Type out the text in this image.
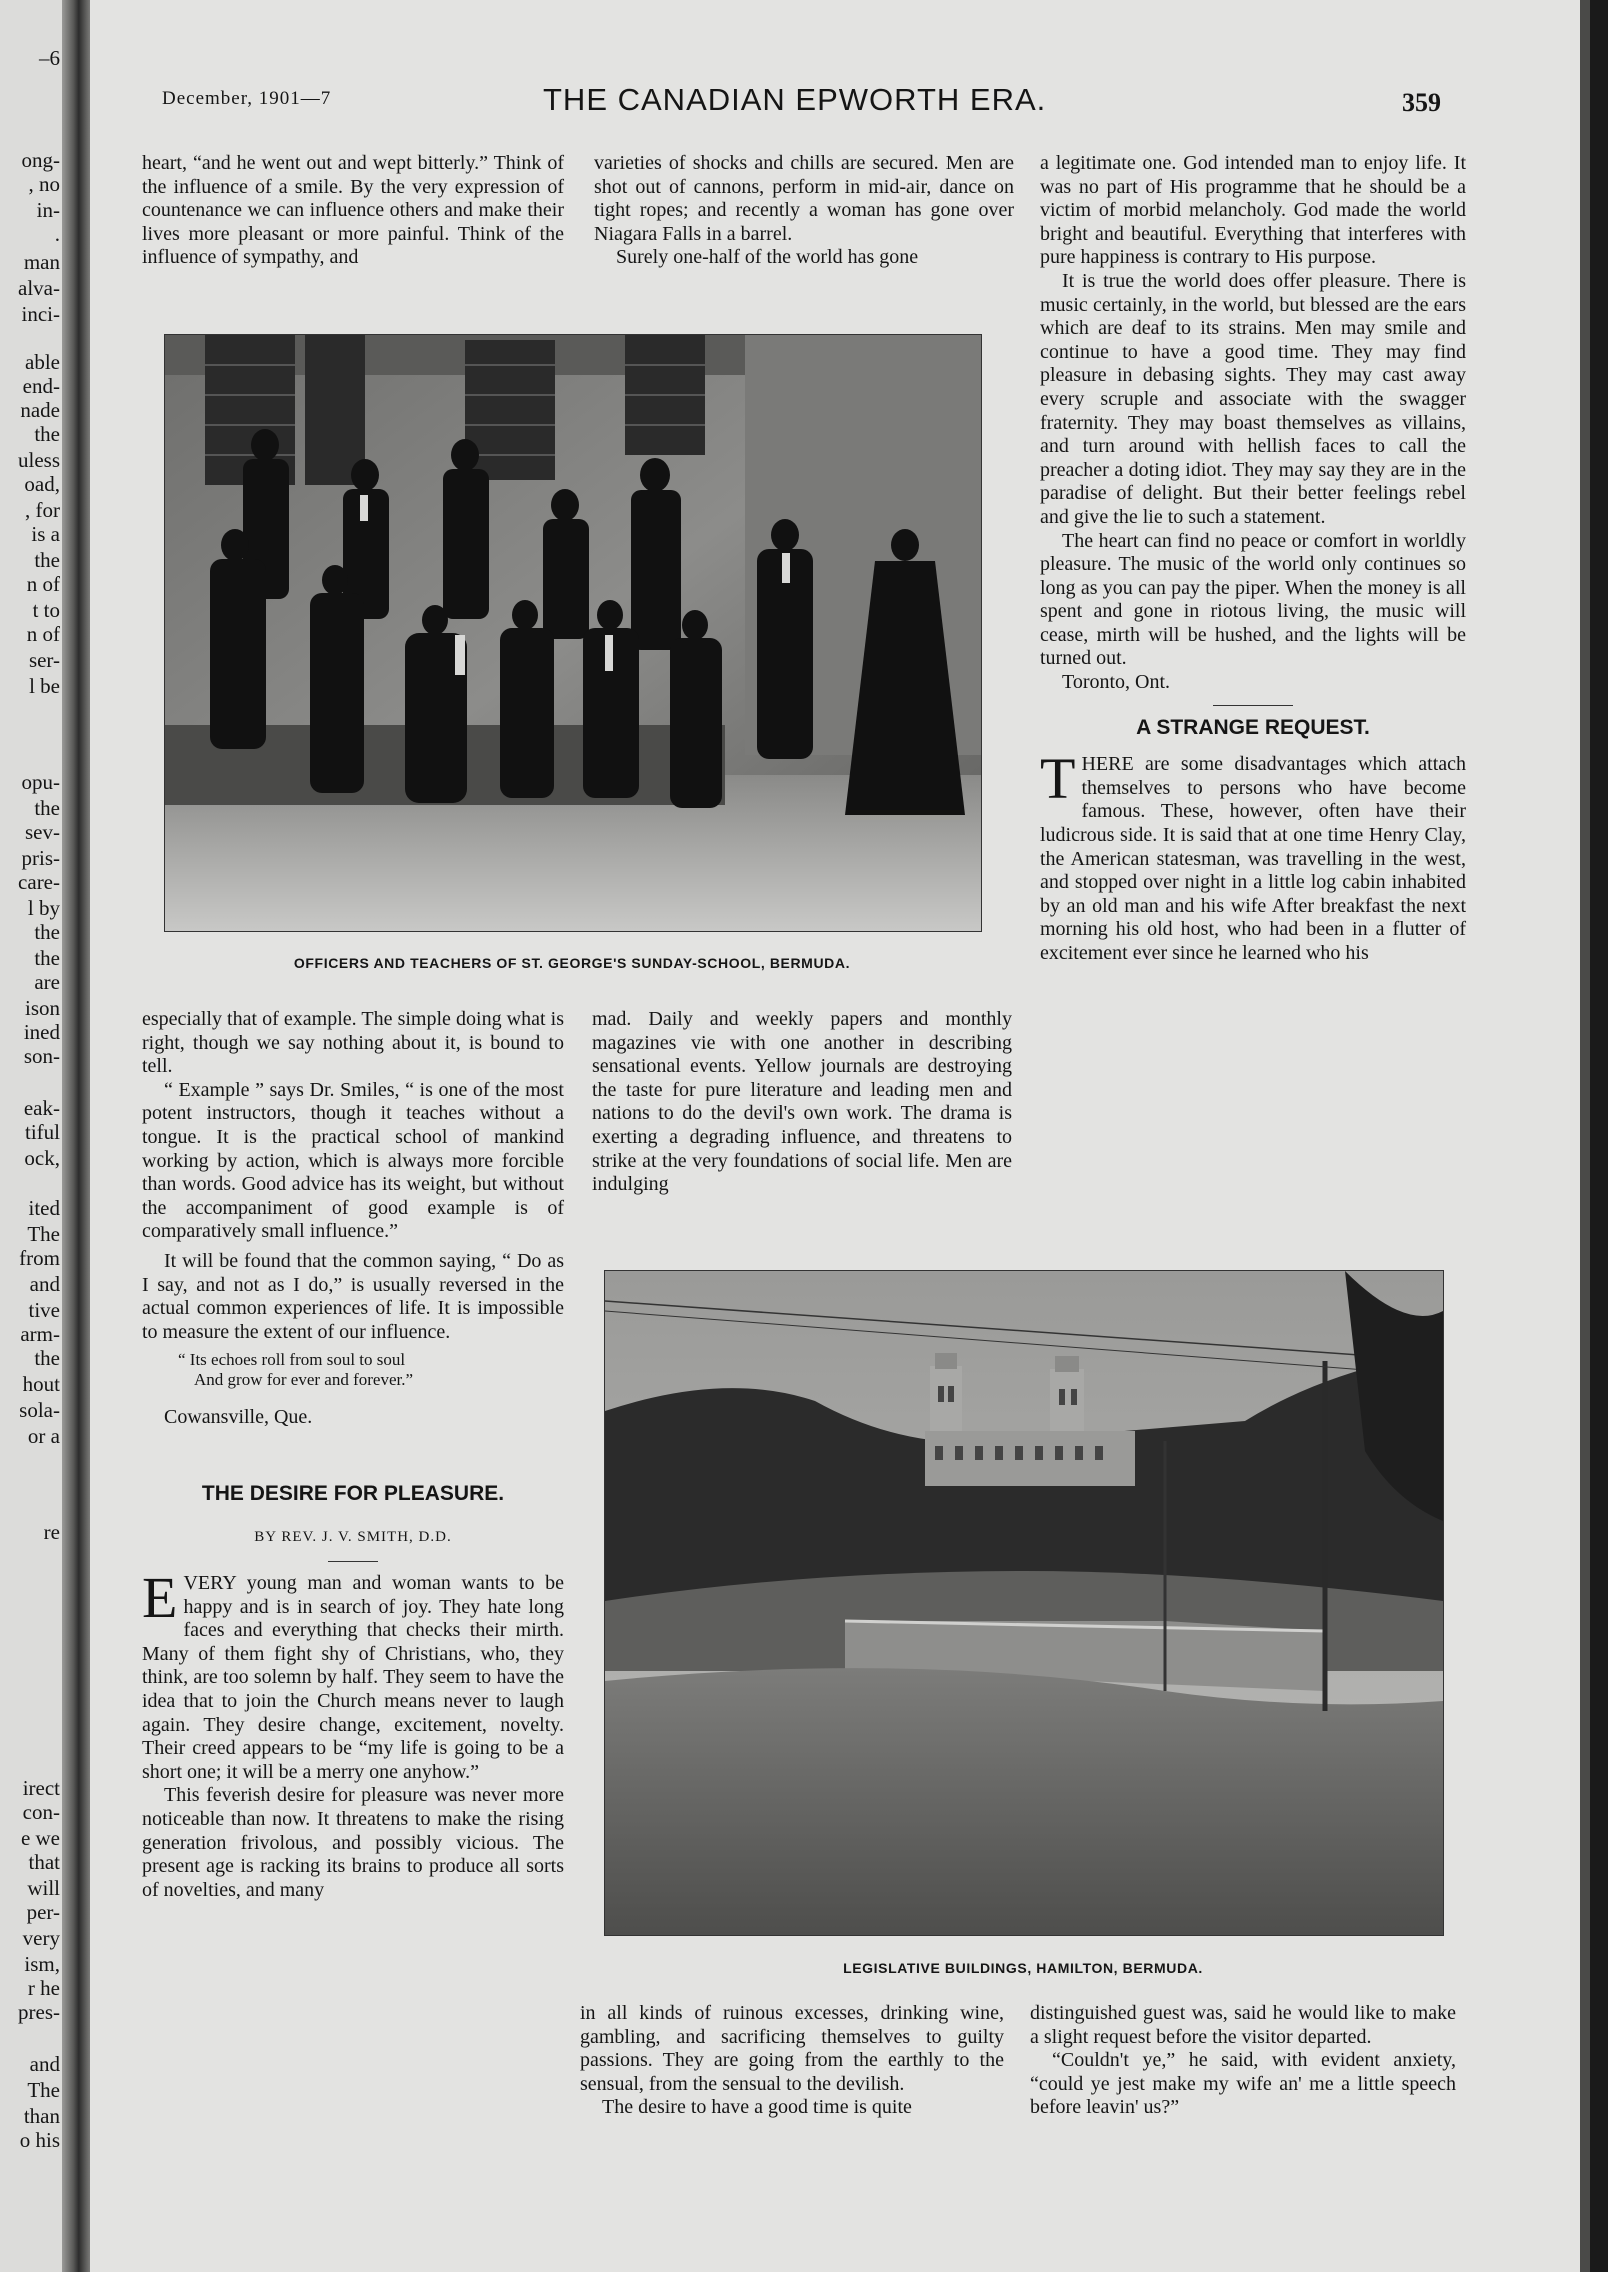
–6
ong-
, no
in-
.
man
alva-
inci-
able
end-
nade
the
uless
oad,
, for
is a
the
n of
t to
n of
ser-
l be
opu-
the
sev-
pris-
care-
l by
the
the
are
ison
ined
son-
eak-
tiful
ock,
ited
The
from
and
tive
arm-
the
hout
sola-
or a
re
irect
con-
e we
that
will
per-
very
ism,
r he
pres-
and
The
than
o his
December, 1901—7	THE CANADIAN EPWORTH ERA.	359

heart, “and he went out and wept bitterly.” Think of the influence of a smile. By the very expression of countenance we can influence others and make their lives more pleasant or more painful. Think of the influence of sympathy, and

varieties of shocks and chills are secured. Men are shot out of cannons, perform in mid-air, dance on tight ropes; and recently a woman has gone over Niagara Falls in a barrel.

Surely one-half of the world has gone

a legitimate one. God intended man to enjoy life. It was no part of His programme that he should be a victim of morbid melancholy. God made the world bright and beautiful. Everything that interferes with pure happiness is contrary to His purpose.

It is true the world does offer pleasure. There is music certainly, in the world, but blessed are the ears which are deaf to its strains. Men may smile and continue to have a good time. They may find pleasure in debasing sights. They may cast away every scruple and associate with the swagger fraternity. They may boast themselves as villains, and turn around with hellish faces to call the preacher a doting idiot. They may say they are in the paradise of delight. But their better feelings rebel and give the lie to such a statement.

The heart can find no peace or comfort in worldly pleasure. The music of the world only continues so long as you can pay the piper. When the money is all spent and gone in riotous living, the music will cease, mirth will be hushed, and the lights will be turned out.

Toronto, Ont.

A STRANGE REQUEST.

THERE are some disadvantages which attach themselves to persons who have become famous. These, however, often have their ludicrous side. It is said that at one time Henry Clay, the American statesman, was travelling in the west, and stopped over night in a little log cabin inhabited by an old man and his wife After breakfast the next morning his old host, who had been in a flutter of excitement ever since he learned who his

OFFICERS AND TEACHERS OF ST. GEORGE'S SUNDAY-SCHOOL, BERMUDA.

especially that of example. The simple doing what is right, though we say nothing about it, is bound to tell.

“ Example ” says Dr. Smiles, “ is one of the most potent instructors, though it teaches without a tongue. It is the practical school of mankind working by action, which is always more forcible than words. Good advice has its weight, but without the accompaniment of good example is of comparatively small influence.”

It will be found that the common saying, “ Do as I say, and not as I do,” is usually reversed in the actual common experiences of life. It is impossible to measure the extent of our influence.

“ Its echoes roll from soul to soul
And grow for ever and forever.”

Cowansville, Que.

THE DESIRE FOR PLEASURE.
BY REV. J. V. SMITH, D.D.

EVERY young man and woman wants to be happy and is in search of joy. They hate long faces and everything that checks their mirth. Many of them fight shy of Christians, who, they think, are too solemn by half. They seem to have the idea that to join the Church means never to laugh again. They desire change, excitement, novelty. Their creed appears to be “my life is going to be a short one; it will be a merry one anyhow.”

This feverish desire for pleasure was never more noticeable than now. It threatens to make the rising generation frivolous, and possibly vicious. The present age is racking its brains to produce all sorts of novelties, and many

mad. Daily and weekly papers and monthly magazines vie with one another in describing sensational events. Yellow journals are destroying the taste for pure literature and leading men and nations to do the devil's own work. The drama is exerting a degrading influence, and threatens to strike at the very foundations of social life. Men are indulging

LEGISLATIVE BUILDINGS, HAMILTON, BERMUDA.

in all kinds of ruinous excesses, drinking wine, gambling, and sacrificing themselves to guilty passions. They are going from the earthly to the sensual, from the sensual to the devilish.

The desire to have a good time is quite

distinguished guest was, said he would like to make a slight request before the visitor departed.

“Couldn't ye,” he said, with evident anxiety, “could ye jest make my wife an' me a little speech before leavin' us?”
